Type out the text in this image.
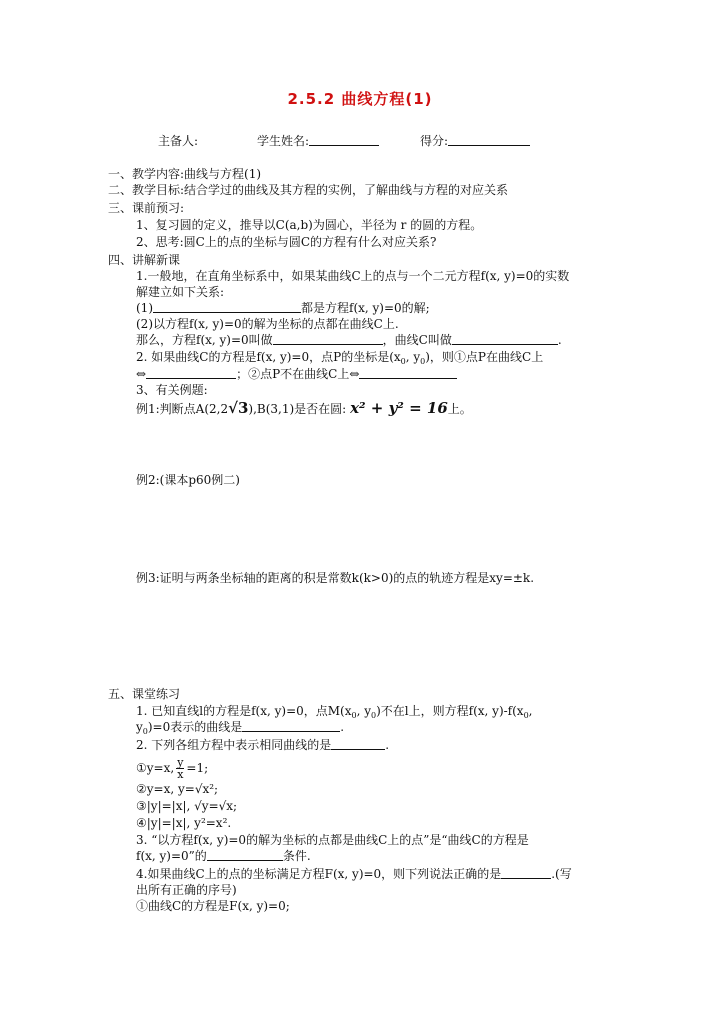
2.5.2 曲线方程(1)
主备人:	学生姓名:	得分:
一、教学内容:曲线与方程(1)
二、教学目标:结合学过的曲线及其方程的实例，了解曲线与方程的对应关系
三、课前预习:
1、复习圆的定义，推导以C(a,b)为圆心，半径为 r 的圆的方程。
2、思考:圆C上的点的坐标与圆C的方程有什么对应关系?
四、讲解新课
1.一般地，在直角坐标系中，如果某曲线C上的点与一个二元方程f(x, y)=0的实数
解建立如下关系:
(1)	都是方程f(x, y)=0的解;
(2)以方程f(x, y)=0的解为坐标的点都在曲线C上.
那么，方程f(x, y)=0叫做	，曲线C叫做	.
2. 如果曲线C的方程是f(x, y)=0，点P的坐标是($x_0$, $y_0$)，则①点P在曲线C上
⇔	；②点P不在曲线C上⇔
3、有关例题:
例1:判断点A(2,2√3),B(3,1)是否在圆: x² + y² = 16上。
例2:(课本p60例二)
例3:证明与两条坐标轴的距离的积是常数k(k>0)的点的轨迹方程是xy=±k.
五、课堂练习
1. 已知直线l的方程是f(x, y)=0，点$M(x_0$, $y_0$)不在l上，则方程f(x, $y)-f(x_0$,
$y_0)=0$表示的曲线是	.
2. 下列各组方程中表示相同曲线的是	.
①y=x, $\frac{y}{x} =1$;
②y=x, y=√x²;
③|y|=|x|, √y=√x;
④|y|=|x|, y²=x².
3. “以方程f(x, y)=0的解为坐标的点都是曲线C上的点”是“曲线C的方程是
f(x, y)=0”的	条件.
4.如果曲线C上的点的坐标满足方程F(x, y)=0，则下列说法正确的是	.(写
出所有正确的序号)
①曲线C的方程是F(x, y)=0;
